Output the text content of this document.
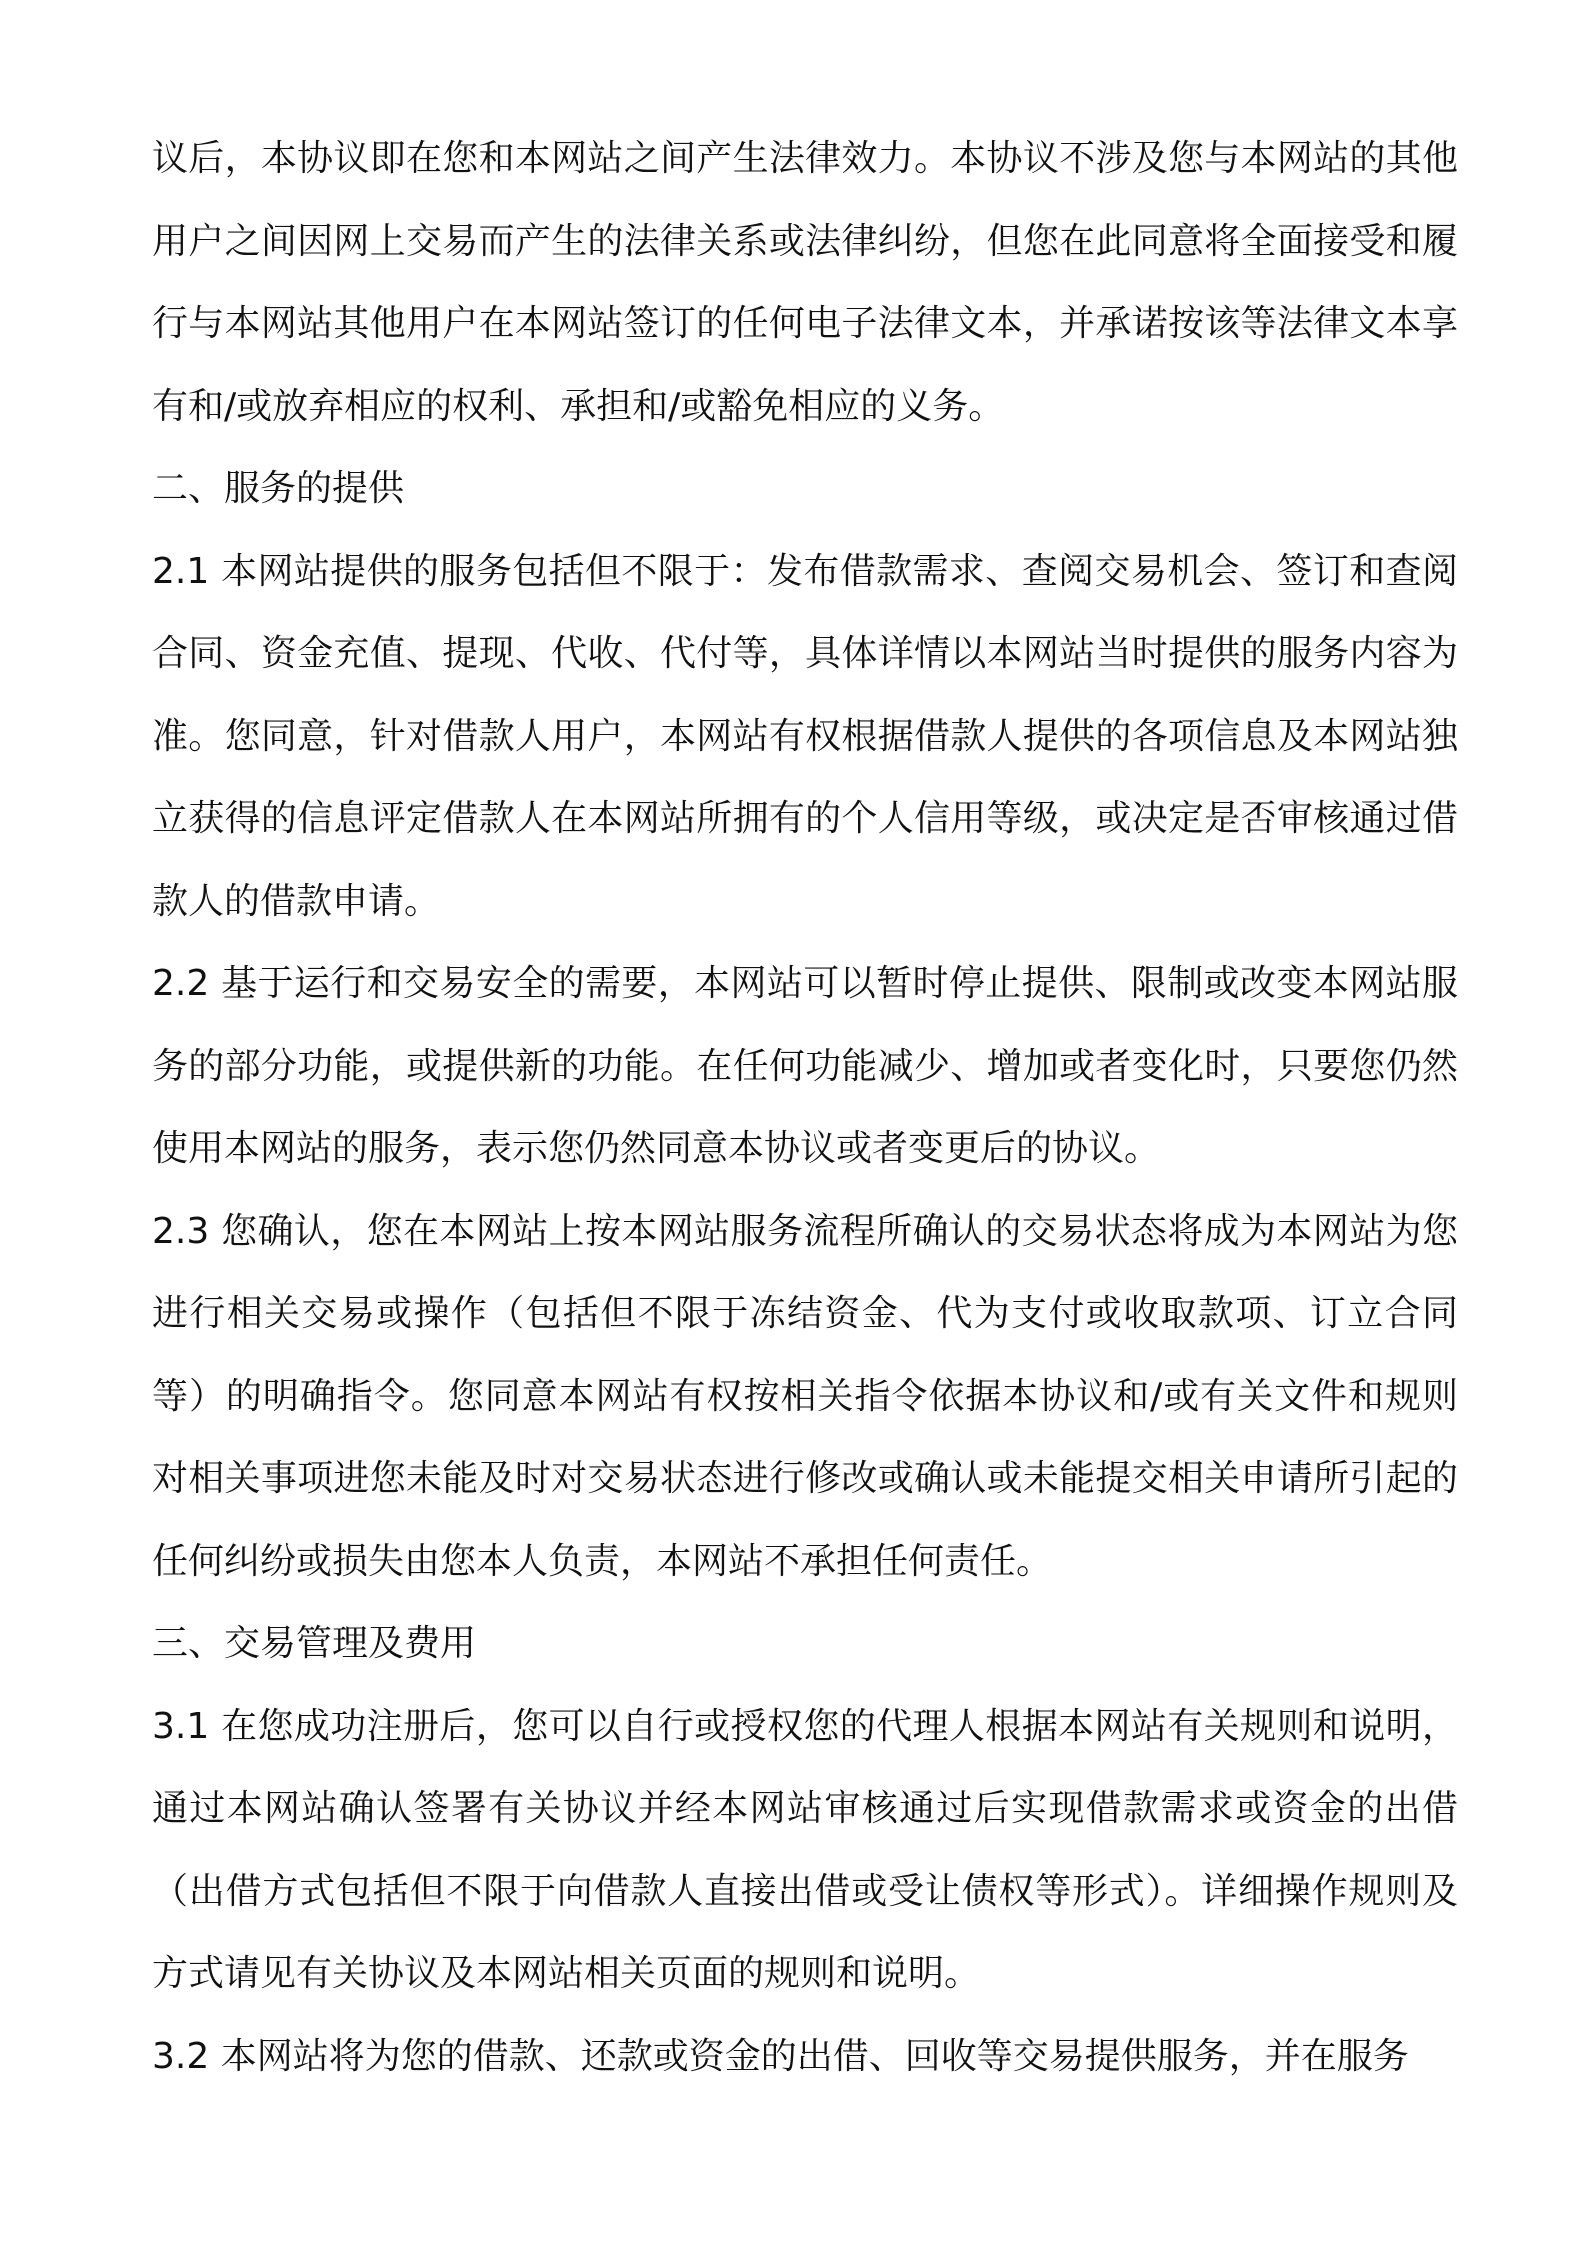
议后，本协议即在您和本网站之间产生法律效力。本协议不涉及您与本网站的其他用户之间因网上交易而产生的法律关系或法律纠纷，但您在此同意将全面接受和履行与本网站其他用户在本网站签订的任何电子法律文本，并承诺按该等法律文本享有和/或放弃相应的权利、承担和/或豁免相应的义务。

二、服务的提供

2.1 本网站提供的服务包括但不限于：发布借款需求、查阅交易机会、签订和查阅合同、资金充值、提现、代收、代付等，具体详情以本网站当时提供的服务内容为准。您同意，针对借款人用户，本网站有权根据借款人提供的各项信息及本网站独立获得的信息评定借款人在本网站所拥有的个人信用等级，或决定是否审核通过借款人的借款申请。

2.2 基于运行和交易安全的需要，本网站可以暂时停止提供、限制或改变本网站服务的部分功能，或提供新的功能。在任何功能减少、增加或者变化时，只要您仍然使用本网站的服务，表示您仍然同意本协议或者变更后的协议。

2.3 您确认，您在本网站上按本网站服务流程所确认的交易状态将成为本网站为您进行相关交易或操作（包括但不限于冻结资金、代为支付或收取款项、订立合同等）的明确指令。您同意本网站有权按相关指令依据本协议和/或有关文件和规则对相关事项进您未能及时对交易状态进行修改或确认或未能提交相关申请所引起的任何纠纷或损失由您本人负责，本网站不承担任何责任。

三、交易管理及费用

3.1 在您成功注册后，您可以自行或授权您的代理人根据本网站有关规则和说明，通过本网站确认签署有关协议并经本网站审核通过后实现借款需求或资金的出借（出借方式包括但不限于向借款人直接出借或受让债权等形式）。详细操作规则及方式请见有关协议及本网站相关页面的规则和说明。

3.2 本网站将为您的借款、还款或资金的出借、回收等交易提供服务，并在服务
